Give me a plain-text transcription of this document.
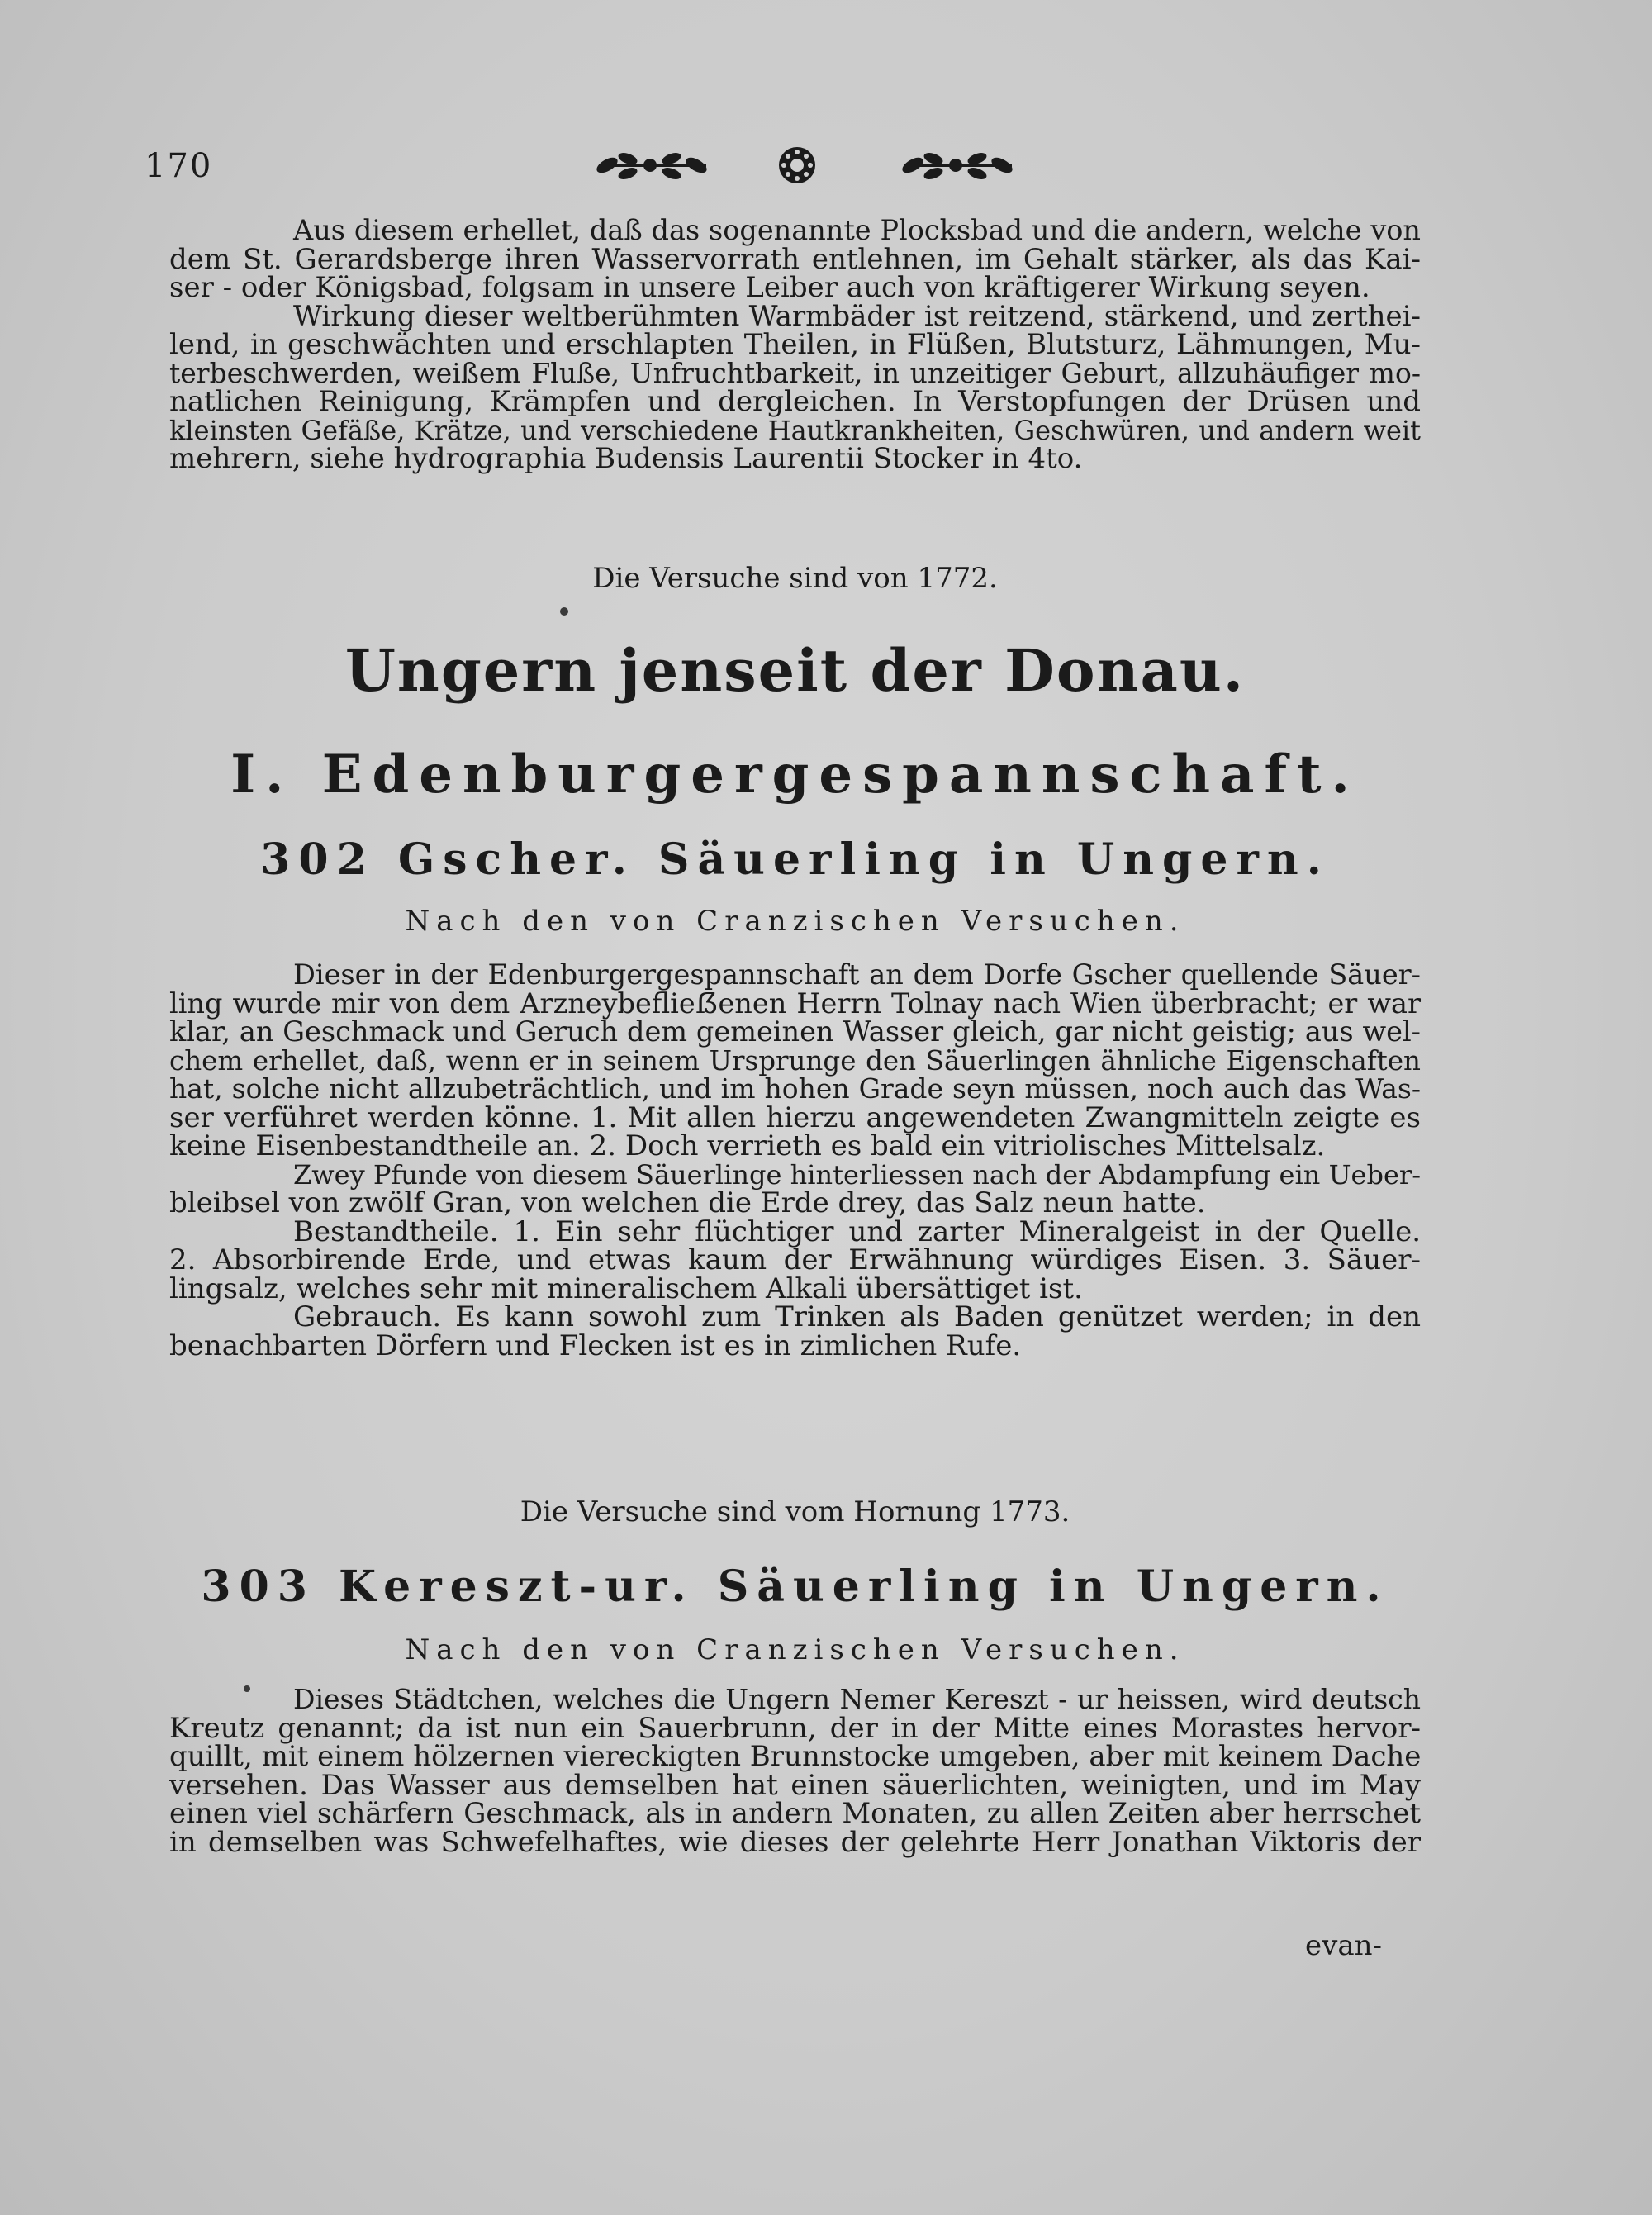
170

Aus diesem erhellet, daß das sogenannte Plocksbad und die andern, welche von

dem St. Gerardsberge ihren Wasservorrath entlehnen, im Gehalt stärker, als das Kai-

ser - oder Königsbad, folgsam in unsere Leiber auch von kräftigerer Wirkung seyen.

Wirkung dieser weltberühmten Warmbäder ist reitzend, stärkend, und zerthei-

lend, in geschwächten und erschlapten Theilen, in Flüßen, Blutsturz, Lähmungen, Mu-

terbeschwerden, weißem Fluße, Unfruchtbarkeit, in unzeitiger Geburt, allzuhäufiger mo-

natlichen Reinigung, Krämpfen und dergleichen. In Verstopfungen der Drüsen und

kleinsten Gefäße, Krätze, und verschiedene Hautkrankheiten, Geschwüren, und andern weit

mehrern, siehe hydrographia Budensis Laurentii Stocker in 4to.

Die Versuche sind von 1772.
Ungern jenseit der Donau.
I. Edenburgergespannschaft.
302 Gscher. Säuerling in Ungern.
Nach den von Cranzischen Versuchen.

Dieser in der Edenburgergespannschaft an dem Dorfe Gscher quellende Säuer-

ling wurde mir von dem Arzneybeflieẞenen Herrn Tolnay nach Wien überbracht; er war

klar, an Geschmack und Geruch dem gemeinen Wasser gleich, gar nicht geistig; aus wel-

chem erhellet, daß, wenn er in seinem Ursprunge den Säuerlingen ähnliche Eigenschaften

hat, solche nicht allzubeträchtlich, und im hohen Grade seyn müssen, noch auch das Was-

ser verführet werden könne. 1. Mit allen hierzu angewendeten Zwangmitteln zeigte es

keine Eisenbestandtheile an. 2. Doch verrieth es bald ein vitriolisches Mittelsalz.

Zwey Pfunde von diesem Säuerlinge hinterliessen nach der Abdampfung ein Ueber-

bleibsel von zwölf Gran, von welchen die Erde drey, das Salz neun hatte.

Bestandtheile. 1. Ein sehr flüchtiger und zarter Mineralgeist in der Quelle.

2. Absorbirende Erde, und etwas kaum der Erwähnung würdiges Eisen. 3. Säuer-

lingsalz, welches sehr mit mineralischem Alkali übersättiget ist.

Gebrauch. Es kann sowohl zum Trinken als Baden genützet werden; in den

benachbarten Dörfern und Flecken ist es in zimlichen Rufe.

Die Versuche sind vom Hornung 1773.
303 Kereszt-ur. Säuerling in Ungern.
Nach den von Cranzischen Versuchen.

Dieses Städtchen, welches die Ungern Nemer Kereszt - ur heissen, wird deutsch

Kreutz genannt; da ist nun ein Sauerbrunn, der in der Mitte eines Morastes hervor-

quillt, mit einem hölzernen viereckigten Brunnstocke umgeben, aber mit keinem Dache

versehen. Das Wasser aus demselben hat einen säuerlichten, weinigten, und im May

einen viel schärfern Geschmack, als in andern Monaten, zu allen Zeiten aber herrschet

in demselben was Schwefelhaftes, wie dieses der gelehrte Herr Jonathan Viktoris der

evan-
